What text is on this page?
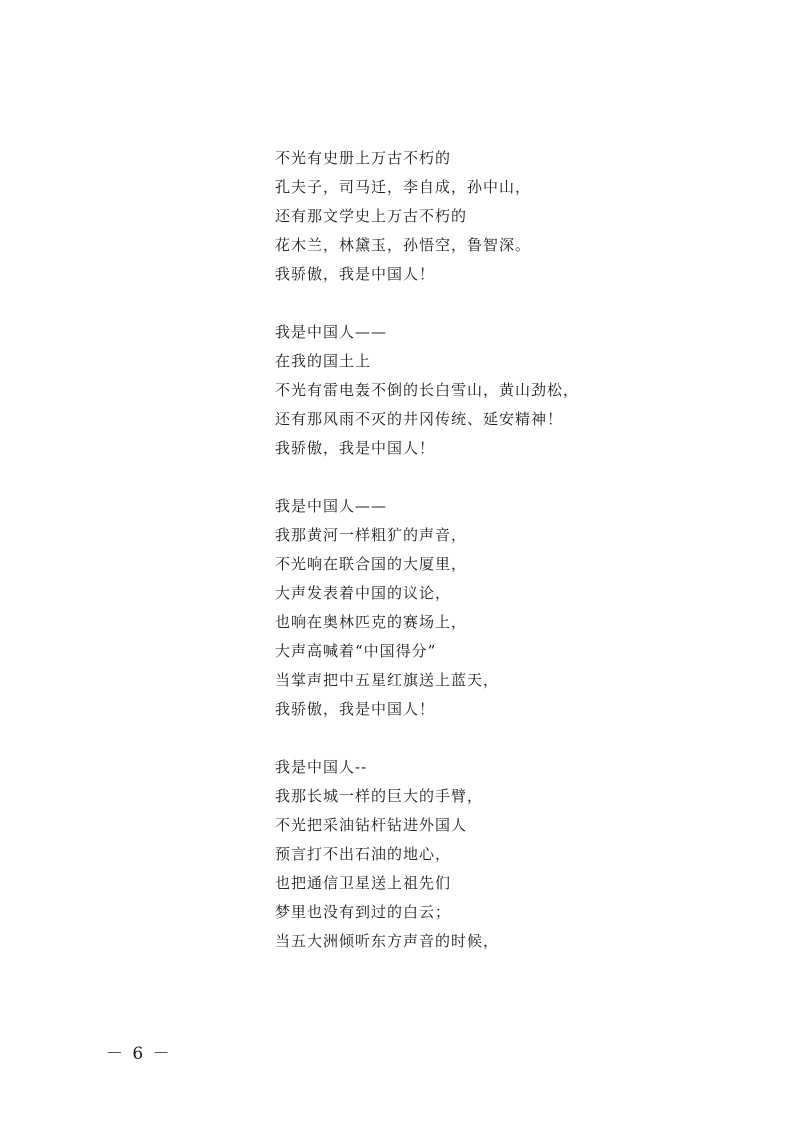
不光有史册上万古不朽的
孔夫子，司马迁，李自成，孙中山，
还有那文学史上万古不朽的
花木兰，林黛玉，孙悟空，鲁智深。
我骄傲，我是中国人！
我是中国人——
在我的国土上
不光有雷电轰不倒的长白雪山，黄山劲松，
还有那风雨不灭的井冈传统、延安精神！
我骄傲，我是中国人！
我是中国人——
我那黄河一样粗犷的声音，
不光响在联合国的大厦里，
大声发表着中国的议论，
也响在奥林匹克的赛场上，
大声高喊着“中国得分”
当掌声把中五星红旗送上蓝天，
我骄傲，我是中国人！
我是中国人--
我那长城一样的巨大的手臂，
不光把采油钻杆钻进外国人
预言打不出石油的地心，
也把通信卫星送上祖先们
梦里也没有到过的白云；
当五大洲倾听东方声音的时候，
－ 6 －
